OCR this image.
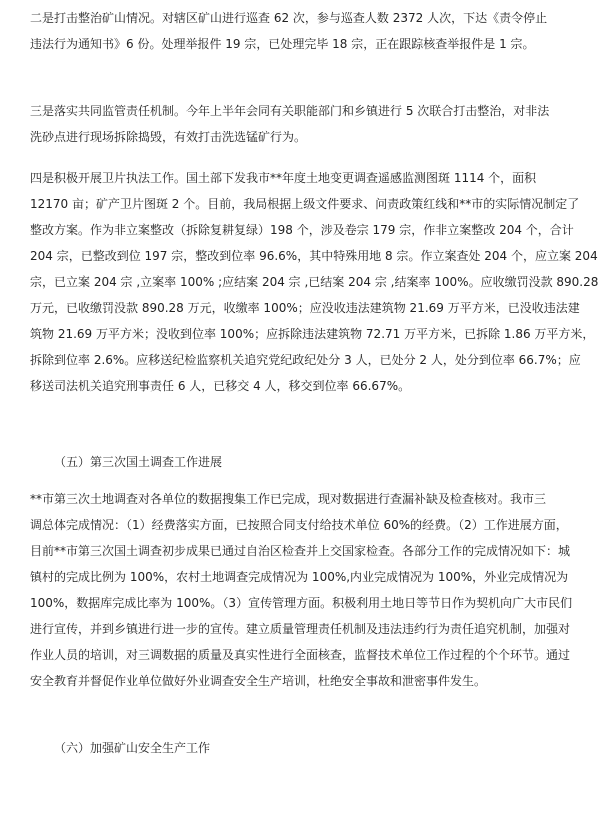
二是打击整治矿山情况。对辖区矿山进行巡查 62 次，参与巡查人数 2372 人次，下达《责令停止
违法行为通知书》6 份。处理举报件 19 宗，已处理完毕 18 宗，正在跟踪核查举报件是 1 宗。

三是落实共同监管责任机制。今年上半年会同有关职能部门和乡镇进行 5 次联合打击整治，对非法
洗砂点进行现场拆除捣毁，有效打击洗选锰矿行为。

四是积极开展卫片执法工作。国土部下发我市**年度土地变更调查遥感监测图斑 1114 个，面积
12170 亩；矿产卫片图斑 2 个。目前，我局根据上级文件要求、问责政策红线和**市的实际情况制定了
整改方案。作为非立案整改（拆除复耕复绿）198 个，涉及卷宗 179 宗，作非立案整改 204 个，合计
204 宗，已整改到位 197 宗，整改到位率 96.6%，其中特殊用地 8 宗。作立案查处 204 个，应立案 204
宗，已立案 204 宗 ,立案率 100% ;应结案 204 宗 ,已结案 204 宗 ,结案率 100%。应收缴罚没款 890.28
万元，已收缴罚没款 890.28 万元，收缴率 100%；应没收违法建筑物 21.69 万平方米，已没收违法建
筑物 21.69 万平方米；没收到位率 100%；应拆除违法建筑物 72.71 万平方米，已拆除 1.86 万平方米，
拆除到位率 2.6%。应移送纪检监察机关追究党纪政纪处分 3 人，已处分 2 人，处分到位率 66.7%；应
移送司法机关追究刑事责任 6 人，已移交 4 人，移交到位率 66.67%。

（五）第三次国土调查工作进展

**市第三次土地调查对各单位的数据搜集工作已完成，现对数据进行查漏补缺及检查核对。我市三
调总体完成情况：（1）经费落实方面，已按照合同支付给技术单位 60%的经费。（2）工作进展方面，
目前**市第三次国土调查初步成果已通过自治区检查并上交国家检查。各部分工作的完成情况如下：城
镇村的完成比例为 100%，农村土地调查完成情况为 100%,内业完成情况为 100%，外业完成情况为
100%，数据库完成比率为 100%。（3）宣传管理方面。积极利用土地日等节日作为契机向广大市民们
进行宣传，并到乡镇进行进一步的宣传。建立质量管理责任机制及违法违约行为责任追究机制，加强对
作业人员的培训，对三调数据的质量及真实性进行全面核查，监督技术单位工作过程的个个环节。通过
安全教育并督促作业单位做好外业调查安全生产培训，杜绝安全事故和泄密事件发生。

（六）加强矿山安全生产工作
